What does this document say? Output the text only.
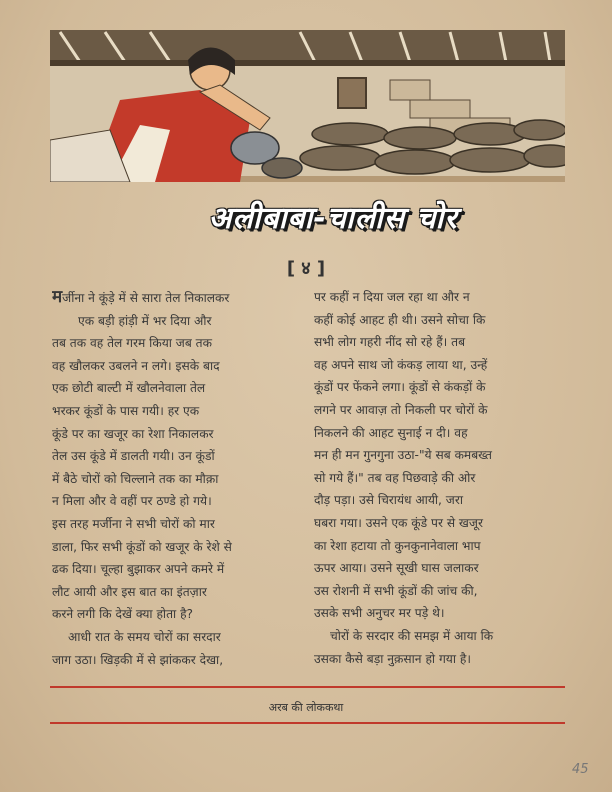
अलीबाबा-चालीस चोर
[ ४ ]
मर्जीना ने कूंड़े में से सारा तेल निकालकर
एक बड़ी हांड़ी में भर दिया और
तब तक वह तेल गरम किया जब तक
वह खौलकर उबलने न लगे। इसके बाद
एक छोटी बाल्टी में खौलनेवाला तेल
भरकर कूंडों के पास गयी। हर एक
कूंडे पर का खजूर का रेशा निकालकर
तेल उस कूंडे में डालती गयी। उन कूंडों
में बैठे चोरों को चिल्लाने तक का मौक़ा
न मिला और वे वहीं पर ठण्डे हो गये।
इस तरह मर्जीना ने सभी चोरों को मार
डाला, फिर सभी कूंडों को खजूर के रेशे से
ढक दिया। चूल्हा बुझाकर अपने कमरे में
लौट आयी और इस बात का इंतज़ार
करने लगी कि देखें क्या होता है?
आधी रात के समय चोरों का सरदार
जाग उठा। खिड़की में से झांककर देखा,
पर कहीं न दिया जल रहा था और न
कहीं कोई आहट ही थी। उसने सोचा कि
सभी लोग गहरी नींद सो रहे हैं। तब
वह अपने साथ जो कंकड़ लाया था, उन्हें
कूंडों पर फेंकने लगा। कूंडों से कंकड़ों के
लगने पर आवाज़ तो निकली पर चोरों के
निकलने की आहट सुनाई न दी। वह
मन ही मन गुनगुना उठा-"ये सब कमबख्त
सो गये हैं।" तब वह पिछवाड़े की ओर
दौड़ पड़ा। उसे चिरायंध आयी, जरा
घबरा गया। उसने एक कूंडे पर से खजूर
का रेशा हटाया तो कुनकुनानेवाला भाप
ऊपर आया। उसने सूखी घास जलाकर
उस रोशनी में सभी कूंडों की जांच की,
उसके सभी अनुचर मर पड़े थे।
चोरों के सरदार की समझ में आया कि
उसका कैसे बड़ा नुक़सान हो गया है।
अरब की लोककथा
45
